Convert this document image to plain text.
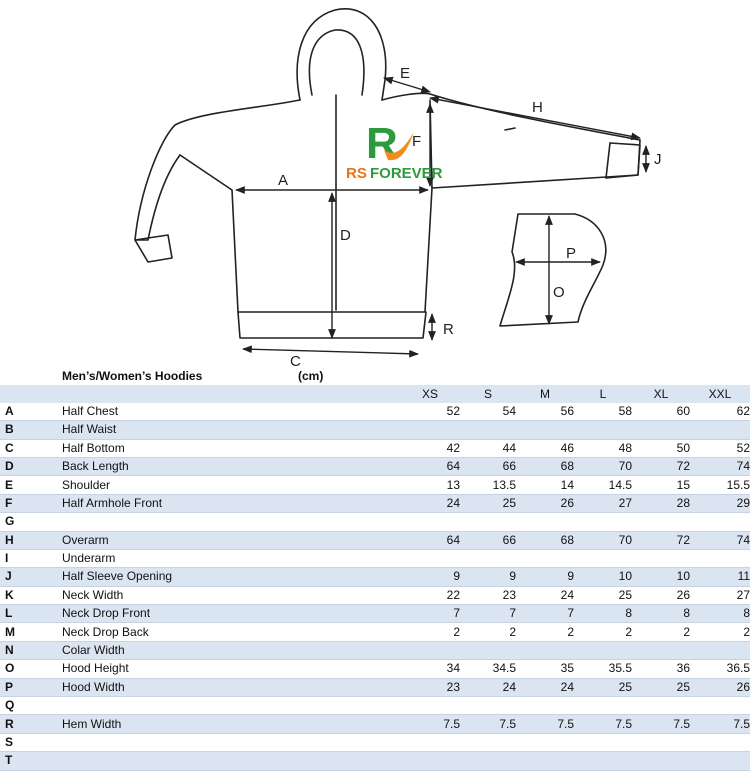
A
D
C
E
H
F
J
R
P
O
R
RS FOREVER
	Men’s/Women’s Hoodies	(cm)					
		XS	S	M	L	XL	XXL
A	Half Chest	52	54	56	58	60	62
B	Half Waist						
C	Half Bottom	42	44	46	48	50	52
D	Back Length	64	66	68	70	72	74
E	Shoulder	13	13.5	14	14.5	15	15.5
F	Half Armhole Front	24	25	26	27	28	29
G							
H	Overarm	64	66	68	70	72	74
I	Underarm						
J	Half Sleeve Opening	9	9	9	10	10	11
K	Neck Width	22	23	24	25	26	27
L	Neck Drop Front	7	7	7	8	8	8
M	Neck Drop Back	2	2	2	2	2	2
N	Colar Width						
O	Hood Height	34	34.5	35	35.5	36	36.5
P	Hood Width	23	24	24	25	25	26
Q							
R	Hem Width	7.5	7.5	7.5	7.5	7.5	7.5
S							
T							
